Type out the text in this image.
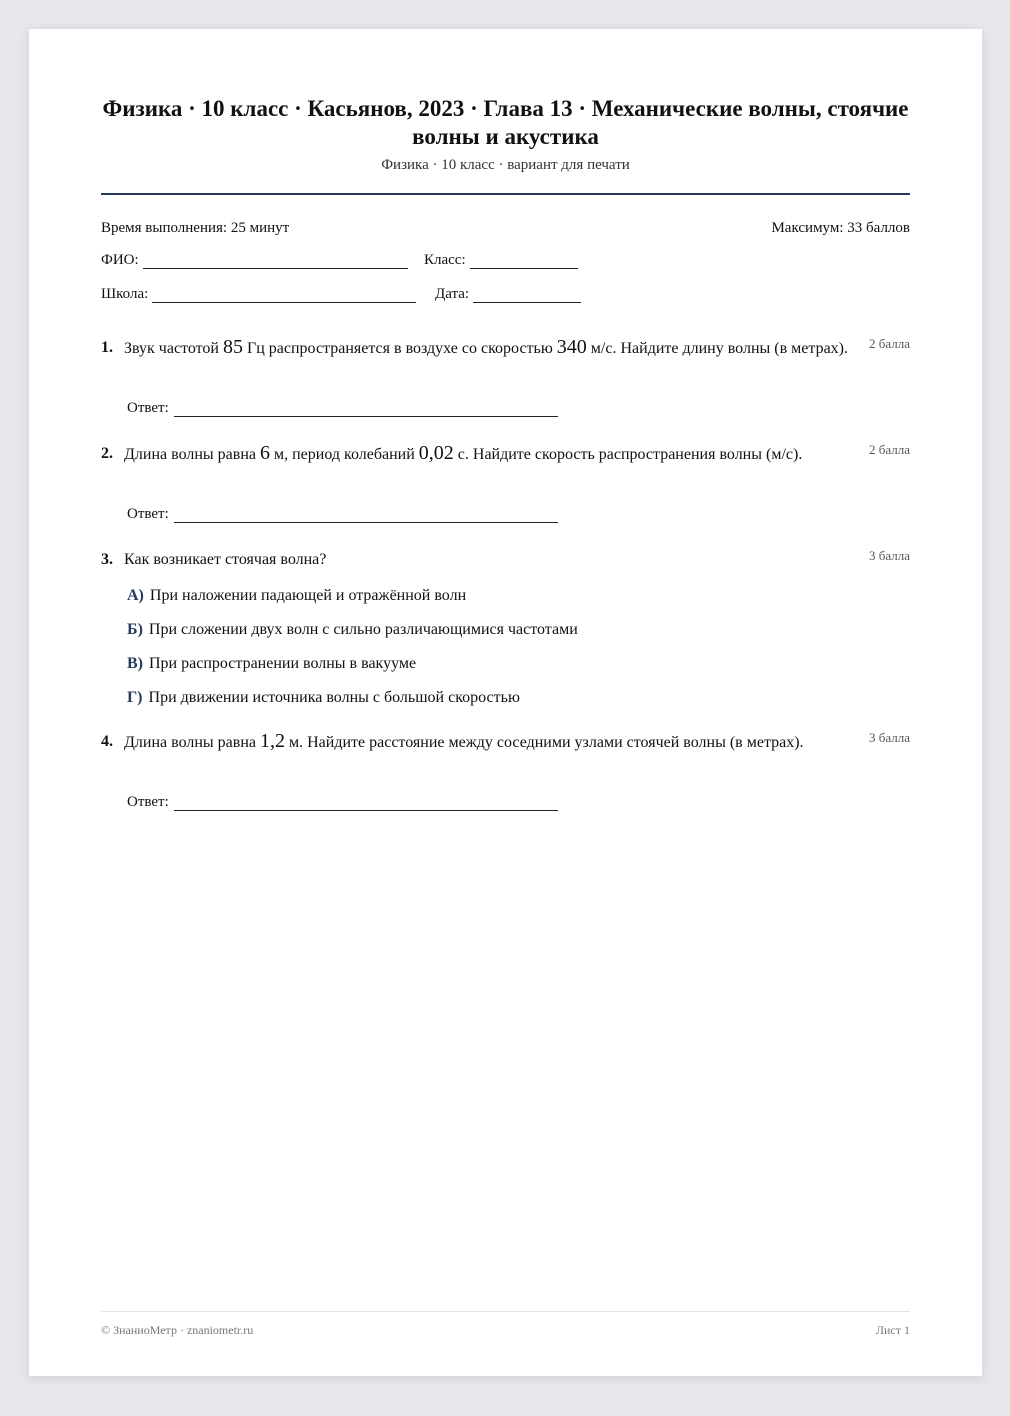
Физика · 10 класс · Касьянов, 2023 · Глава 13 · Механические волны, стоячие волны и акустика
Физика · 10 класс · вариант для печати
Время выполнения: 25 минут	Максимум: 33 баллов
ФИО:	Класс:
Школа:	Дата:
1. Звук частотой 85 Гц распространяется в воздухе со скоростью 340 м/с. Найдите длину волны (в метрах).	2 балла
Ответ:
2. Длина волны равна 6 м, период колебаний 0,02 с. Найдите скорость распространения волны (м/с).	2 балла
Ответ:
3. Как возникает стоячая волна?	3 балла
А) При наложении падающей и отражённой волн
Б) При сложении двух волн с сильно различающимися частотами
В) При распространении волны в вакууме
Г) При движении источника волны с большой скоростью
4. Длина волны равна 1,2 м. Найдите расстояние между соседними узлами стоячей волны (в метрах).	3 балла
Ответ:
© ЗнаниоМетр · znaniometr.ru	Лист 1
